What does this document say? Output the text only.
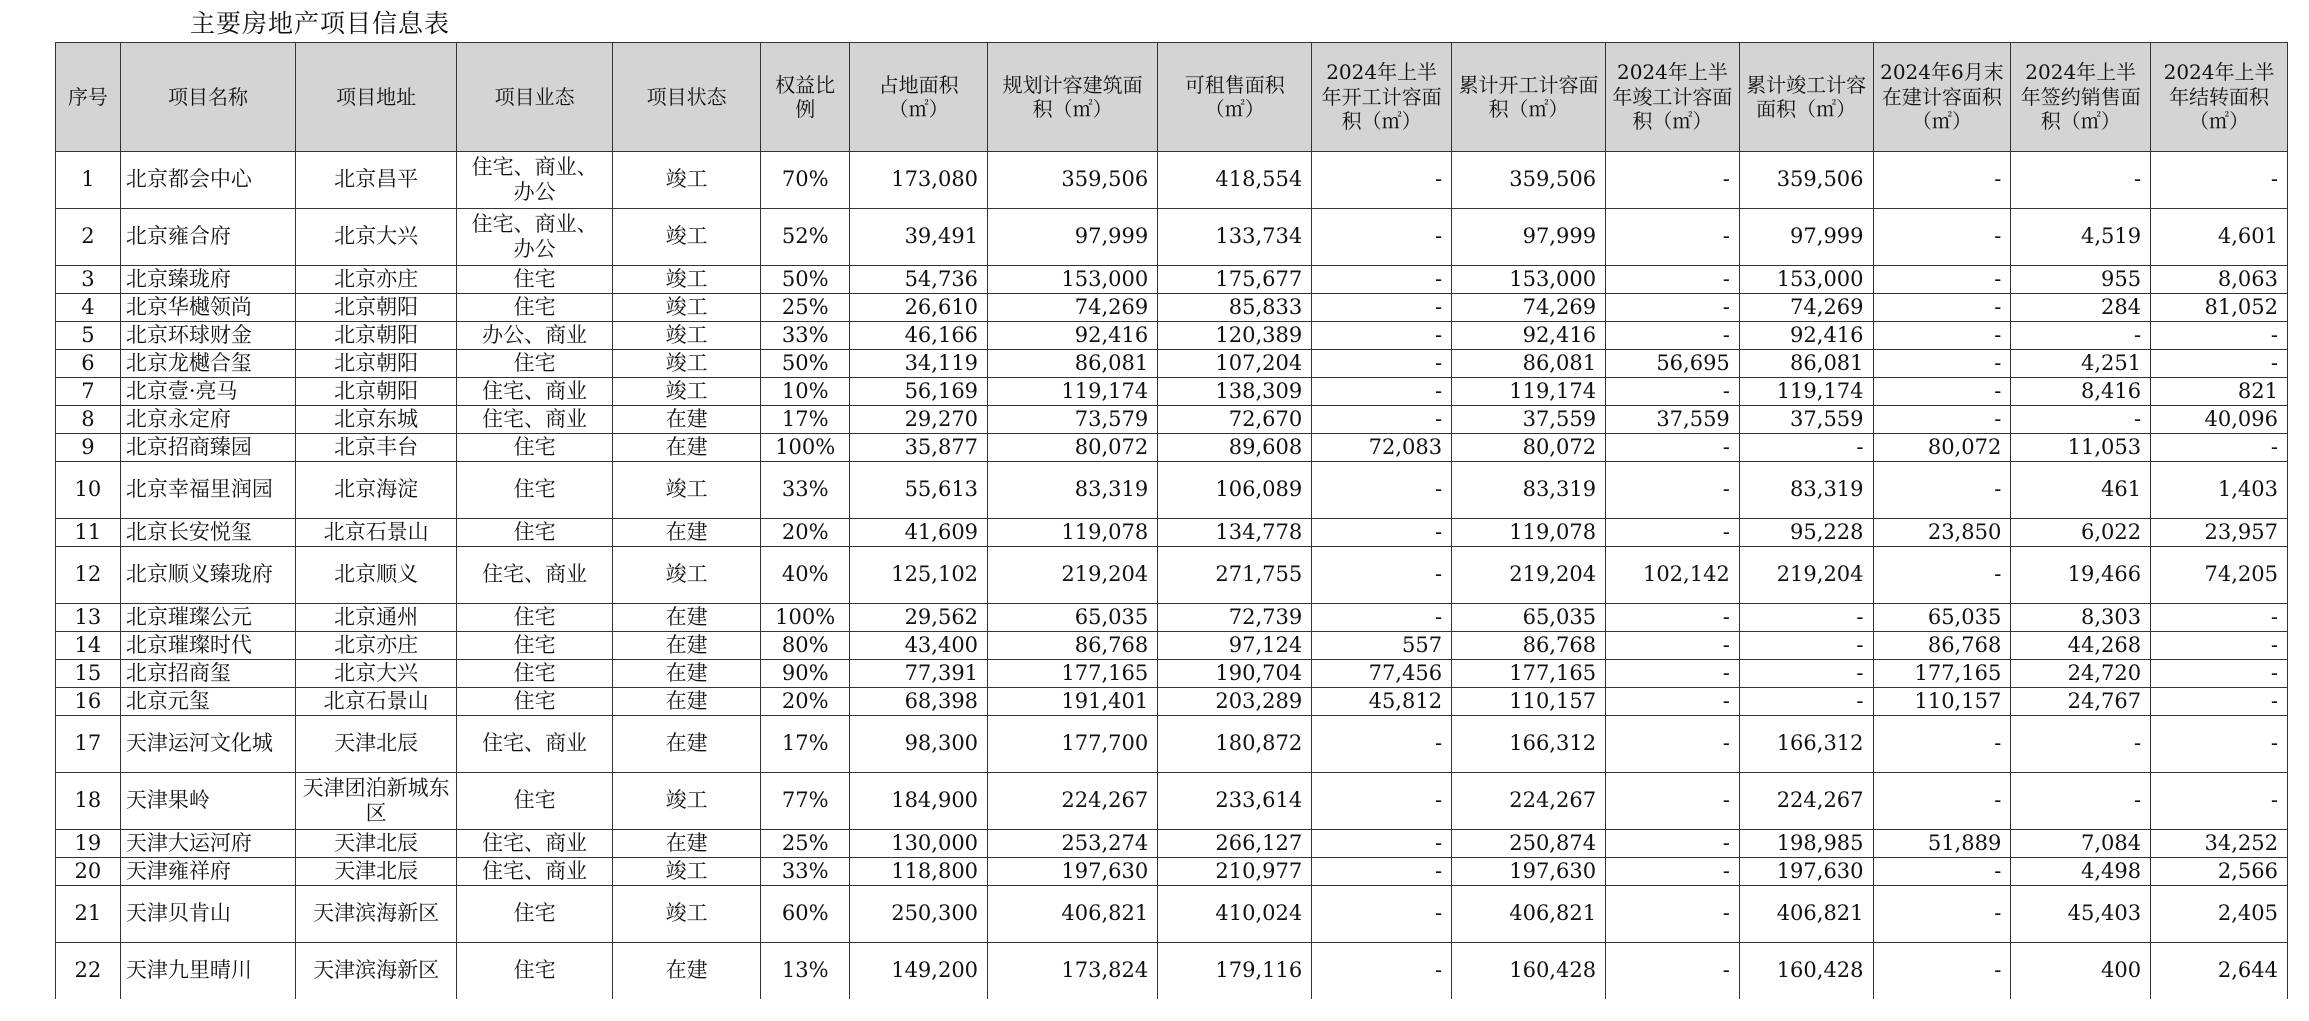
主要房地产项目信息表
序号	项目名称	项目地址	项目业态	项目状态	权益比例	占地面积（㎡）	规划计容建筑面积（㎡）	可租售面积（㎡）	2024年上半年开工计容面积（㎡）	累计开工计容面积（㎡）	2024年上半年竣工计容面积（㎡）	累计竣工计容面积（㎡）	2024年6月末在建计容面积（㎡）	2024年上半年签约销售面积（㎡）	2024年上半年结转面积（㎡）
1	北京都会中心	北京昌平	住宅、商业、办公	竣工	70%	173,080	359,506	418,554	-	359,506	-	359,506	-	-	-
2	北京雍合府	北京大兴	住宅、商业、办公	竣工	52%	39,491	97,999	133,734	-	97,999	-	97,999	-	4,519	4,601
3	北京臻珑府	北京亦庄	住宅	竣工	50%	54,736	153,000	175,677	-	153,000	-	153,000	-	955	8,063
4	北京华樾领尚	北京朝阳	住宅	竣工	25%	26,610	74,269	85,833	-	74,269	-	74,269	-	284	81,052
5	北京环球财金	北京朝阳	办公、商业	竣工	33%	46,166	92,416	120,389	-	92,416	-	92,416	-	-	-
6	北京龙樾合玺	北京朝阳	住宅	竣工	50%	34,119	86,081	107,204	-	86,081	56,695	86,081	-	4,251	-
7	北京壹·亮马	北京朝阳	住宅、商业	竣工	10%	56,169	119,174	138,309	-	119,174	-	119,174	-	8,416	821
8	北京永定府	北京东城	住宅、商业	在建	17%	29,270	73,579	72,670	-	37,559	37,559	37,559	-	-	40,096
9	北京招商臻园	北京丰台	住宅	在建	100%	35,877	80,072	89,608	72,083	80,072	-	-	80,072	11,053	-
10	北京幸福里润园	北京海淀	住宅	竣工	33%	55,613	83,319	106,089	-	83,319	-	83,319	-	461	1,403
11	北京长安悦玺	北京石景山	住宅	在建	20%	41,609	119,078	134,778	-	119,078	-	95,228	23,850	6,022	23,957
12	北京顺义臻珑府	北京顺义	住宅、商业	竣工	40%	125,102	219,204	271,755	-	219,204	102,142	219,204	-	19,466	74,205
13	北京璀璨公元	北京通州	住宅	在建	100%	29,562	65,035	72,739	-	65,035	-	-	65,035	8,303	-
14	北京璀璨时代	北京亦庄	住宅	在建	80%	43,400	86,768	97,124	557	86,768	-	-	86,768	44,268	-
15	北京招商玺	北京大兴	住宅	在建	90%	77,391	177,165	190,704	77,456	177,165	-	-	177,165	24,720	-
16	北京元玺	北京石景山	住宅	在建	20%	68,398	191,401	203,289	45,812	110,157	-	-	110,157	24,767	-
17	天津运河文化城	天津北辰	住宅、商业	在建	17%	98,300	177,700	180,872	-	166,312	-	166,312	-	-	-
18	天津果岭	天津团泊新城东区	住宅	竣工	77%	184,900	224,267	233,614	-	224,267	-	224,267	-	-	-
19	天津大运河府	天津北辰	住宅、商业	在建	25%	130,000	253,274	266,127	-	250,874	-	198,985	51,889	7,084	34,252
20	天津雍祥府	天津北辰	住宅、商业	竣工	33%	118,800	197,630	210,977	-	197,630	-	197,630	-	4,498	2,566
21	天津贝肯山	天津滨海新区	住宅	竣工	60%	250,300	406,821	410,024	-	406,821	-	406,821	-	45,403	2,405
22	天津九里晴川	天津滨海新区	住宅	在建	13%	149,200	173,824	179,116	-	160,428	-	160,428	-	400	2,644
